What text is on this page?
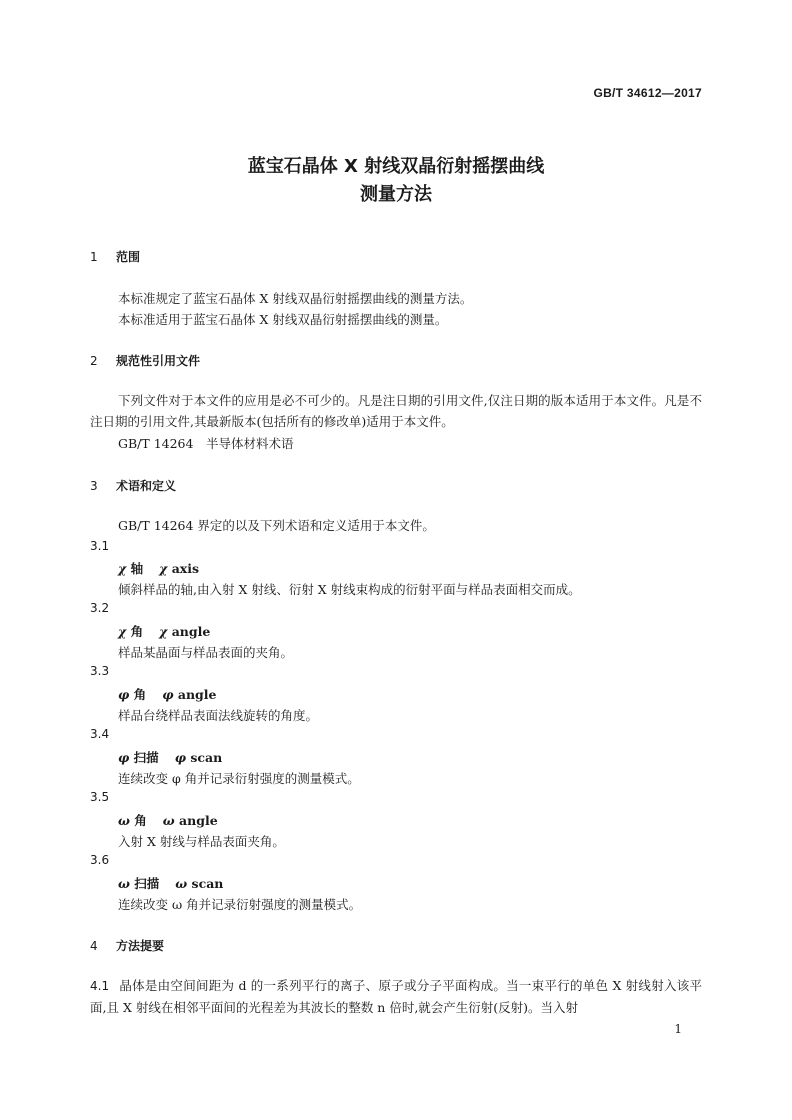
GB/T 34612—2017
蓝宝石晶体 X 射线双晶衍射摇摆曲线
测量方法
1 范围
本标准规定了蓝宝石晶体 X 射线双晶衍射摇摆曲线的测量方法。
本标准适用于蓝宝石晶体 X 射线双晶衍射摇摆曲线的测量。
2 规范性引用文件
下列文件对于本文件的应用是必不可少的。凡是注日期的引用文件,仅注日期的版本适用于本文件。凡是不注日期的引用文件,其最新版本(包括所有的修改单)适用于本文件。
GB/T 14264　半导体材料术语
3 术语和定义
GB/T 14264 界定的以及下列术语和定义适用于本文件。
3.1
χ 轴 χ axis
倾斜样品的轴,由入射 X 射线、衍射 X 射线束构成的衍射平面与样品表面相交而成。
3.2
χ 角 χ angle
样品某晶面与样品表面的夹角。
3.3
φ 角 φ angle
样品台绕样品表面法线旋转的角度。
3.4
φ 扫描 φ scan
连续改变 φ 角并记录衍射强度的测量模式。
3.5
ω 角 ω angle
入射 X 射线与样品表面夹角。
3.6
ω 扫描 ω scan
连续改变 ω 角并记录衍射强度的测量模式。
4 方法提要
4.1 晶体是由空间间距为 d 的一系列平行的离子、原子或分子平面构成。当一束平行的单色 X 射线射入该平面,且 X 射线在相邻平面间的光程差为其波长的整数 n 倍时,就会产生衍射(反射)。当入射
1
